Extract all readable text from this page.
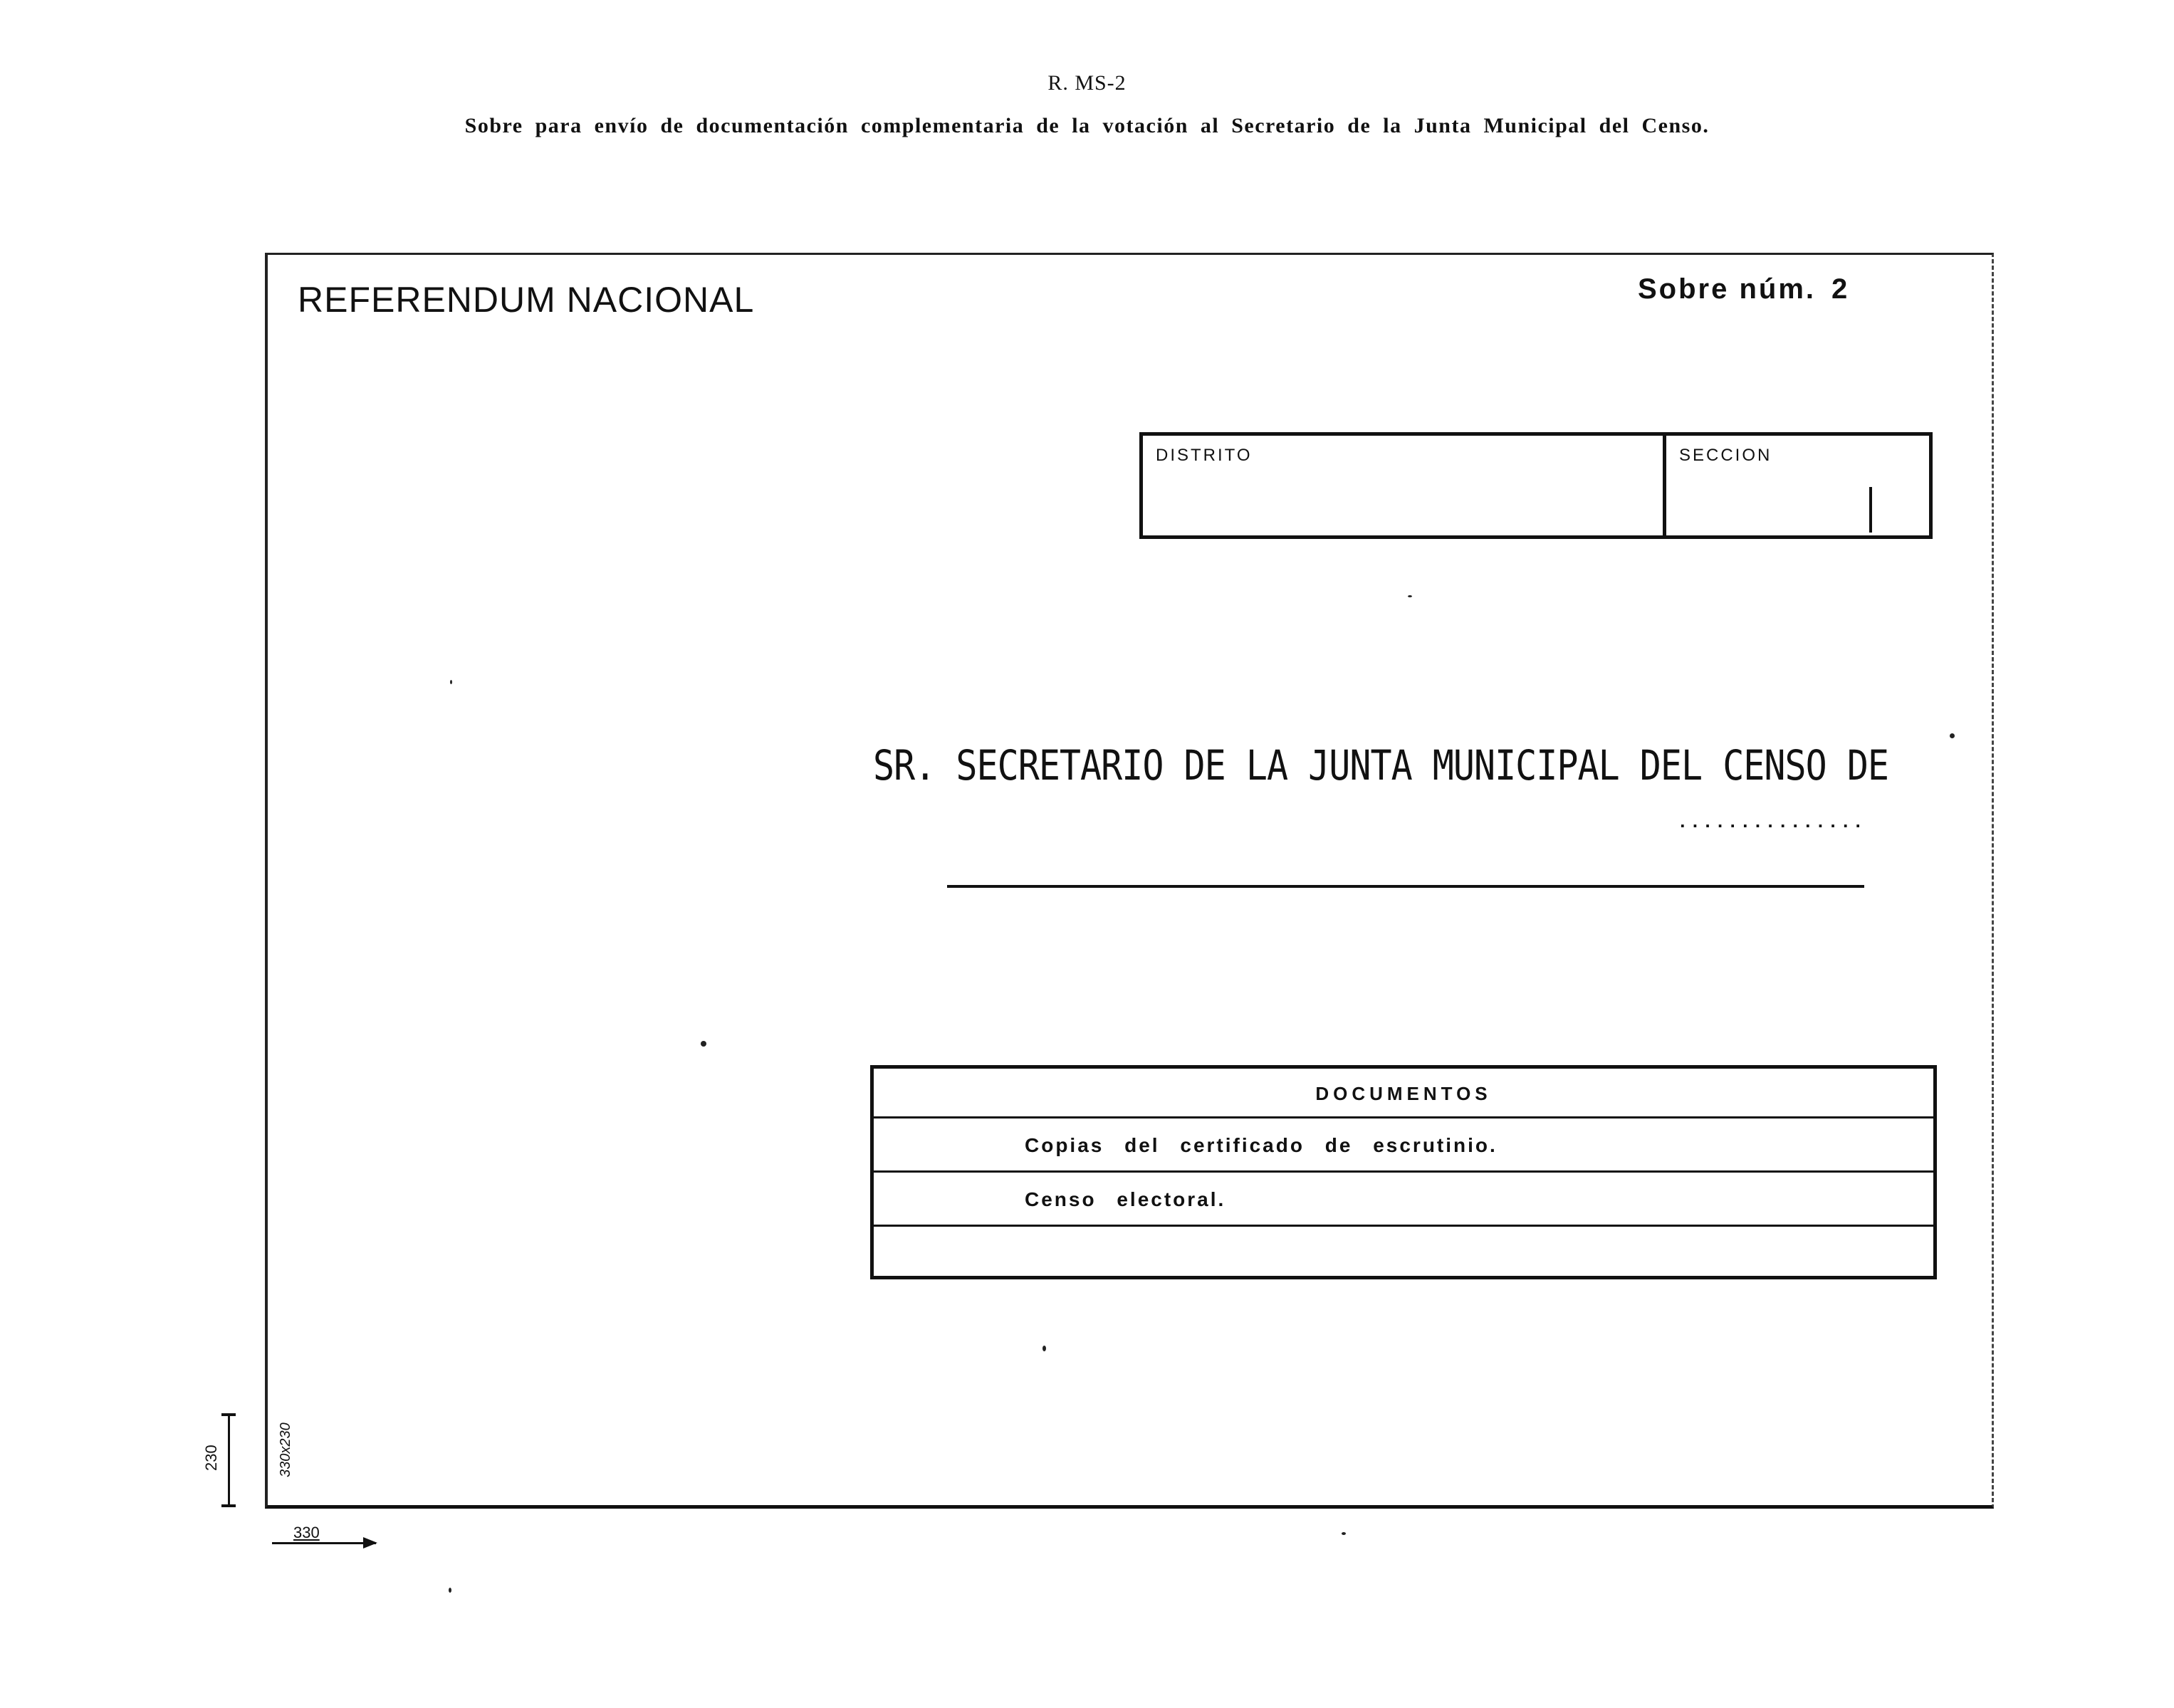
R. MS-2
Sobre para envío de documentación complementaria de la votación al Secretario de la Junta Municipal del Censo.
REFERENDUM NACIONAL	Sobre núm. 2
DISTRITO	SECCION
SR. SECRETARIO DE LA JUNTA MUNICIPAL DEL CENSO DE
...............
DOCUMENTOS
Copias del certificado de escrutinio.
Censo electoral.
230	330x230
330
